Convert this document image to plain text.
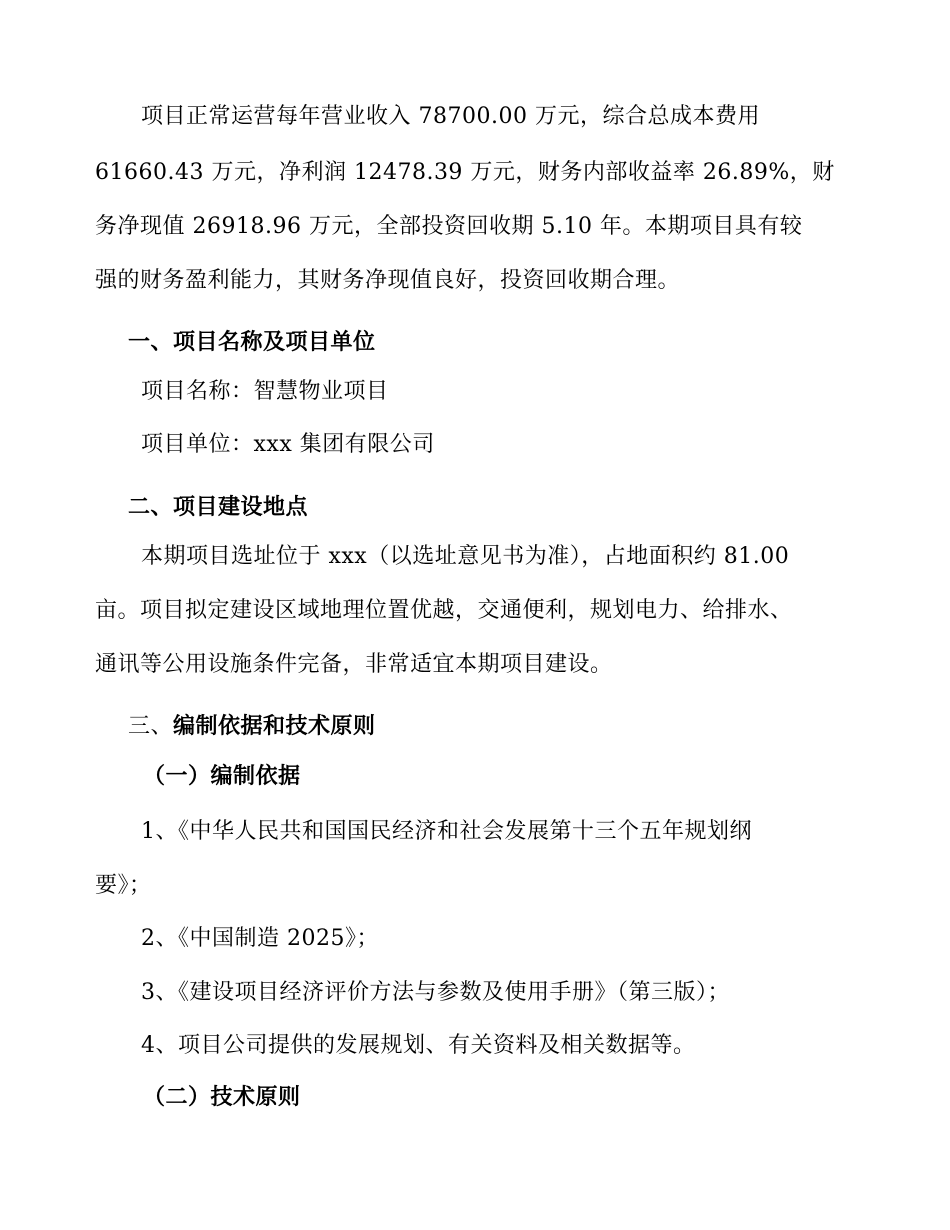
项目正常运营每年营业收入 78700.00 万元，综合总成本费用
61660.43 万元，净利润 12478.39 万元，财务内部收益率 26.89%，财
务净现值 26918.96 万元，全部投资回收期 5.10 年。本期项目具有较
强的财务盈利能力，其财务净现值良好，投资回收期合理。
一、项目名称及项目单位
项目名称：智慧物业项目
项目单位：xxx 集团有限公司
二、项目建设地点
本期项目选址位于 xxx（以选址意见书为准），占地面积约 81.00
亩。项目拟定建设区域地理位置优越，交通便利，规划电力、给排水、
通讯等公用设施条件完备，非常适宜本期项目建设。
三、编制依据和技术原则
（一）编制依据
1、《中华人民共和国国民经济和社会发展第十三个五年规划纲
要》；
2、《中国制造 2025》；
3、《建设项目经济评价方法与参数及使用手册》（第三版）；
4、项目公司提供的发展规划、有关资料及相关数据等。
（二）技术原则
